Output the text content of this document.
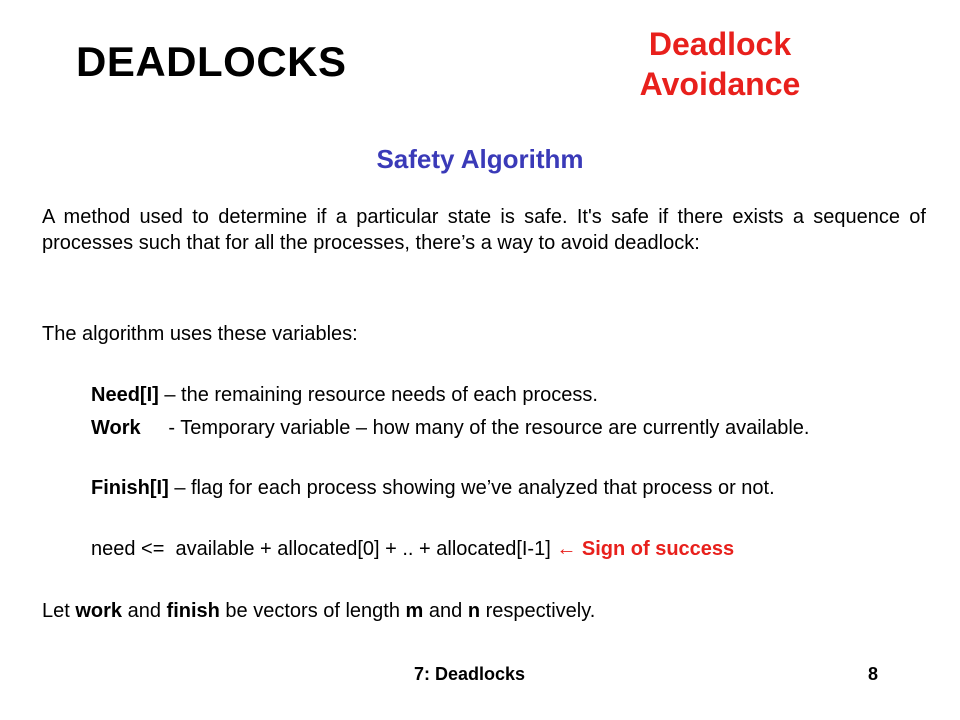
DEADLOCKS	Deadlock
Avoidance
Safety Algorithm
A method used to determine if a particular state is safe. It's safe if there exists a sequence of processes such that for all the processes, there’s a way to avoid deadlock:
The algorithm uses these variables:
Need[I] – the remaining resource needs of each process.
Work     - Temporary variable – how many of the resource are currently available.
Finish[I] – flag for each process showing we’ve analyzed that process or not.
need <=  available + allocated[0] + .. + allocated[I-1] ← Sign of success
Let work and finish be vectors of length m and n respectively.
7: Deadlocks	8
